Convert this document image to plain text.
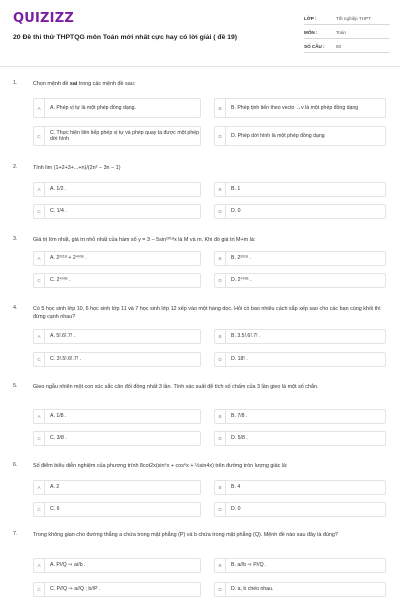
QUIZIZZ
20 Đề thi thử THPTQG môn Toán mới nhất cực hay có lời giải ( đề 19)
LỚP :	Tốt nghiệp THPT
MÔN :	Toán
SỐ CÂU :	50
1.	Chọn mệnh đề sai trong các mệnh đề sau:
A	A. Phép vị tự là một phép đồng dạng.	B	B. Phép tịnh tiến theo vecto →v là một phép đồng dạng
C
C. Thực hiện liên tiếp phép vị tự và phép quay ta được một phép dời hình	D	D. Phép dời hình là một phép đồng dạng
2.	Tính lim (1+2+3+...+n)/(2n² − 3n − 1)
A	A. 1/2 .	B	B. 1
C	C. 1/4 .	D	D. 0
3.	Giá trị lớn nhất, giá trị nhỏ nhất của hàm số y = 3 − 5sin²⁰¹⁸x là M và m. Khi đó giá trị M+m là:
A	A. 2²⁰¹⁸ + 2⁴⁰³⁶ .	B	B. 2²⁰¹⁸ .
C	C. 2⁴⁰³⁶ .	D	D. 2⁴⁰³⁶ .
4.	Có 5 học sinh lớp 10, 6 học sinh lớp 11 và 7 học sinh lớp 12 xếp vào một hàng dọc. Hỏi có bao nhiêu cách sắp xếp sao cho các bạn cùng khối thì đứng cạnh nhau?
A	A. 5!.6!.7! .	B	B. 3.5!.6!.7! .
C	C. 3!.5!.6!.7! .	D	D. 18! .
5.	Gieo ngẫu nhiên một con xúc sắc cân đối đồng nhất 3 lần. Tính xác suất để tích số chấm của 3 lần gieo là một số chẵn.
A	A. 1/8 .	B	B. 7/8 .
C	C. 3/8 .	D	D. 5/8 .
6.	Số điểm biểu diễn nghiệm của phương trình 8cot2x(sin⁶x + cos⁶x + ½sin4x) trên đường tròn lượng giác là:
A	A. 2	B	B. 4
C	C. 6	D	D. 0
7.	Trong không gian cho đường thẳng a chứa trong mặt phẳng (P) và b chứa trong mặt phẳng (Q). Mệnh đề nào sau đây là đúng?
A	A. P//Q ⇒ a//b .	B	B. a//b ⇒ P//Q .
C	C. P//Q ⇒ a//Q ; b//P .	D	D. a, b chéo nhau.
